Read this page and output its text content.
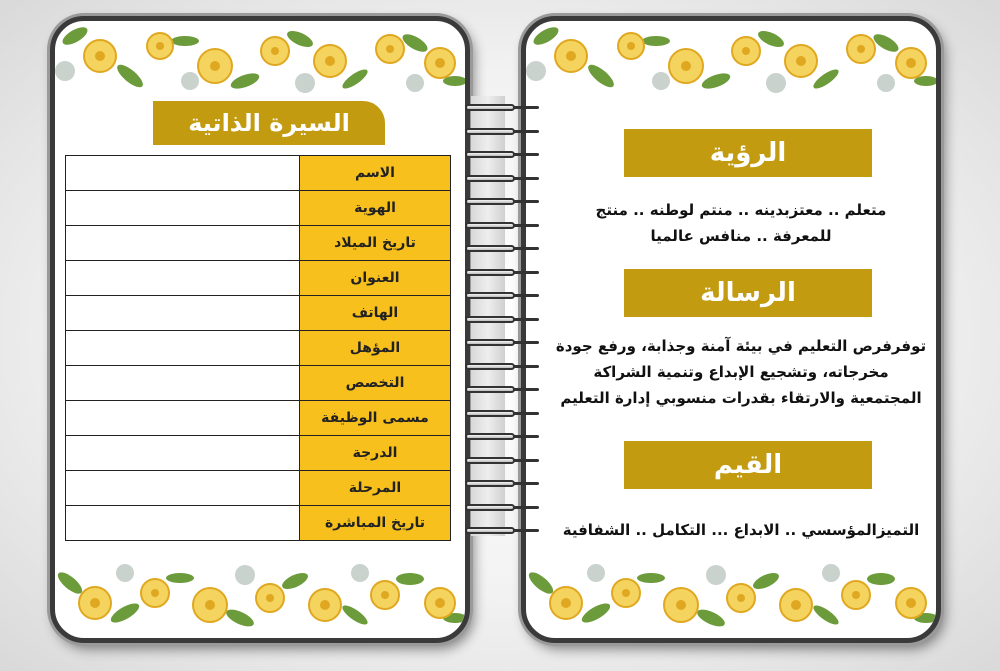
السيرة الذاتية
الاسم	
الهوية	
تاريخ الميلاد	
العنوان	
الهاتف	
المؤهل	
التخصص	
مسمى الوظيفة	
الدرجة	
المرحلة	
تاريخ المباشرة	
الرؤية
متعلم .. معتزبدينه .. منتم لوطنه .. منتج
للمعرفة .. منافس عالميا
الرسالة
توفرفرص التعليم في بيئة آمنة وجذابة، ورفع جودة
مخرجاته، وتشجيع الإبداع وتنمية الشراكة
المجتمعية والارتقاء بقدرات منسوبي إدارة التعليم
القيم
التميزالمؤسسي .. الابداع ... التكامل .. الشفافية
